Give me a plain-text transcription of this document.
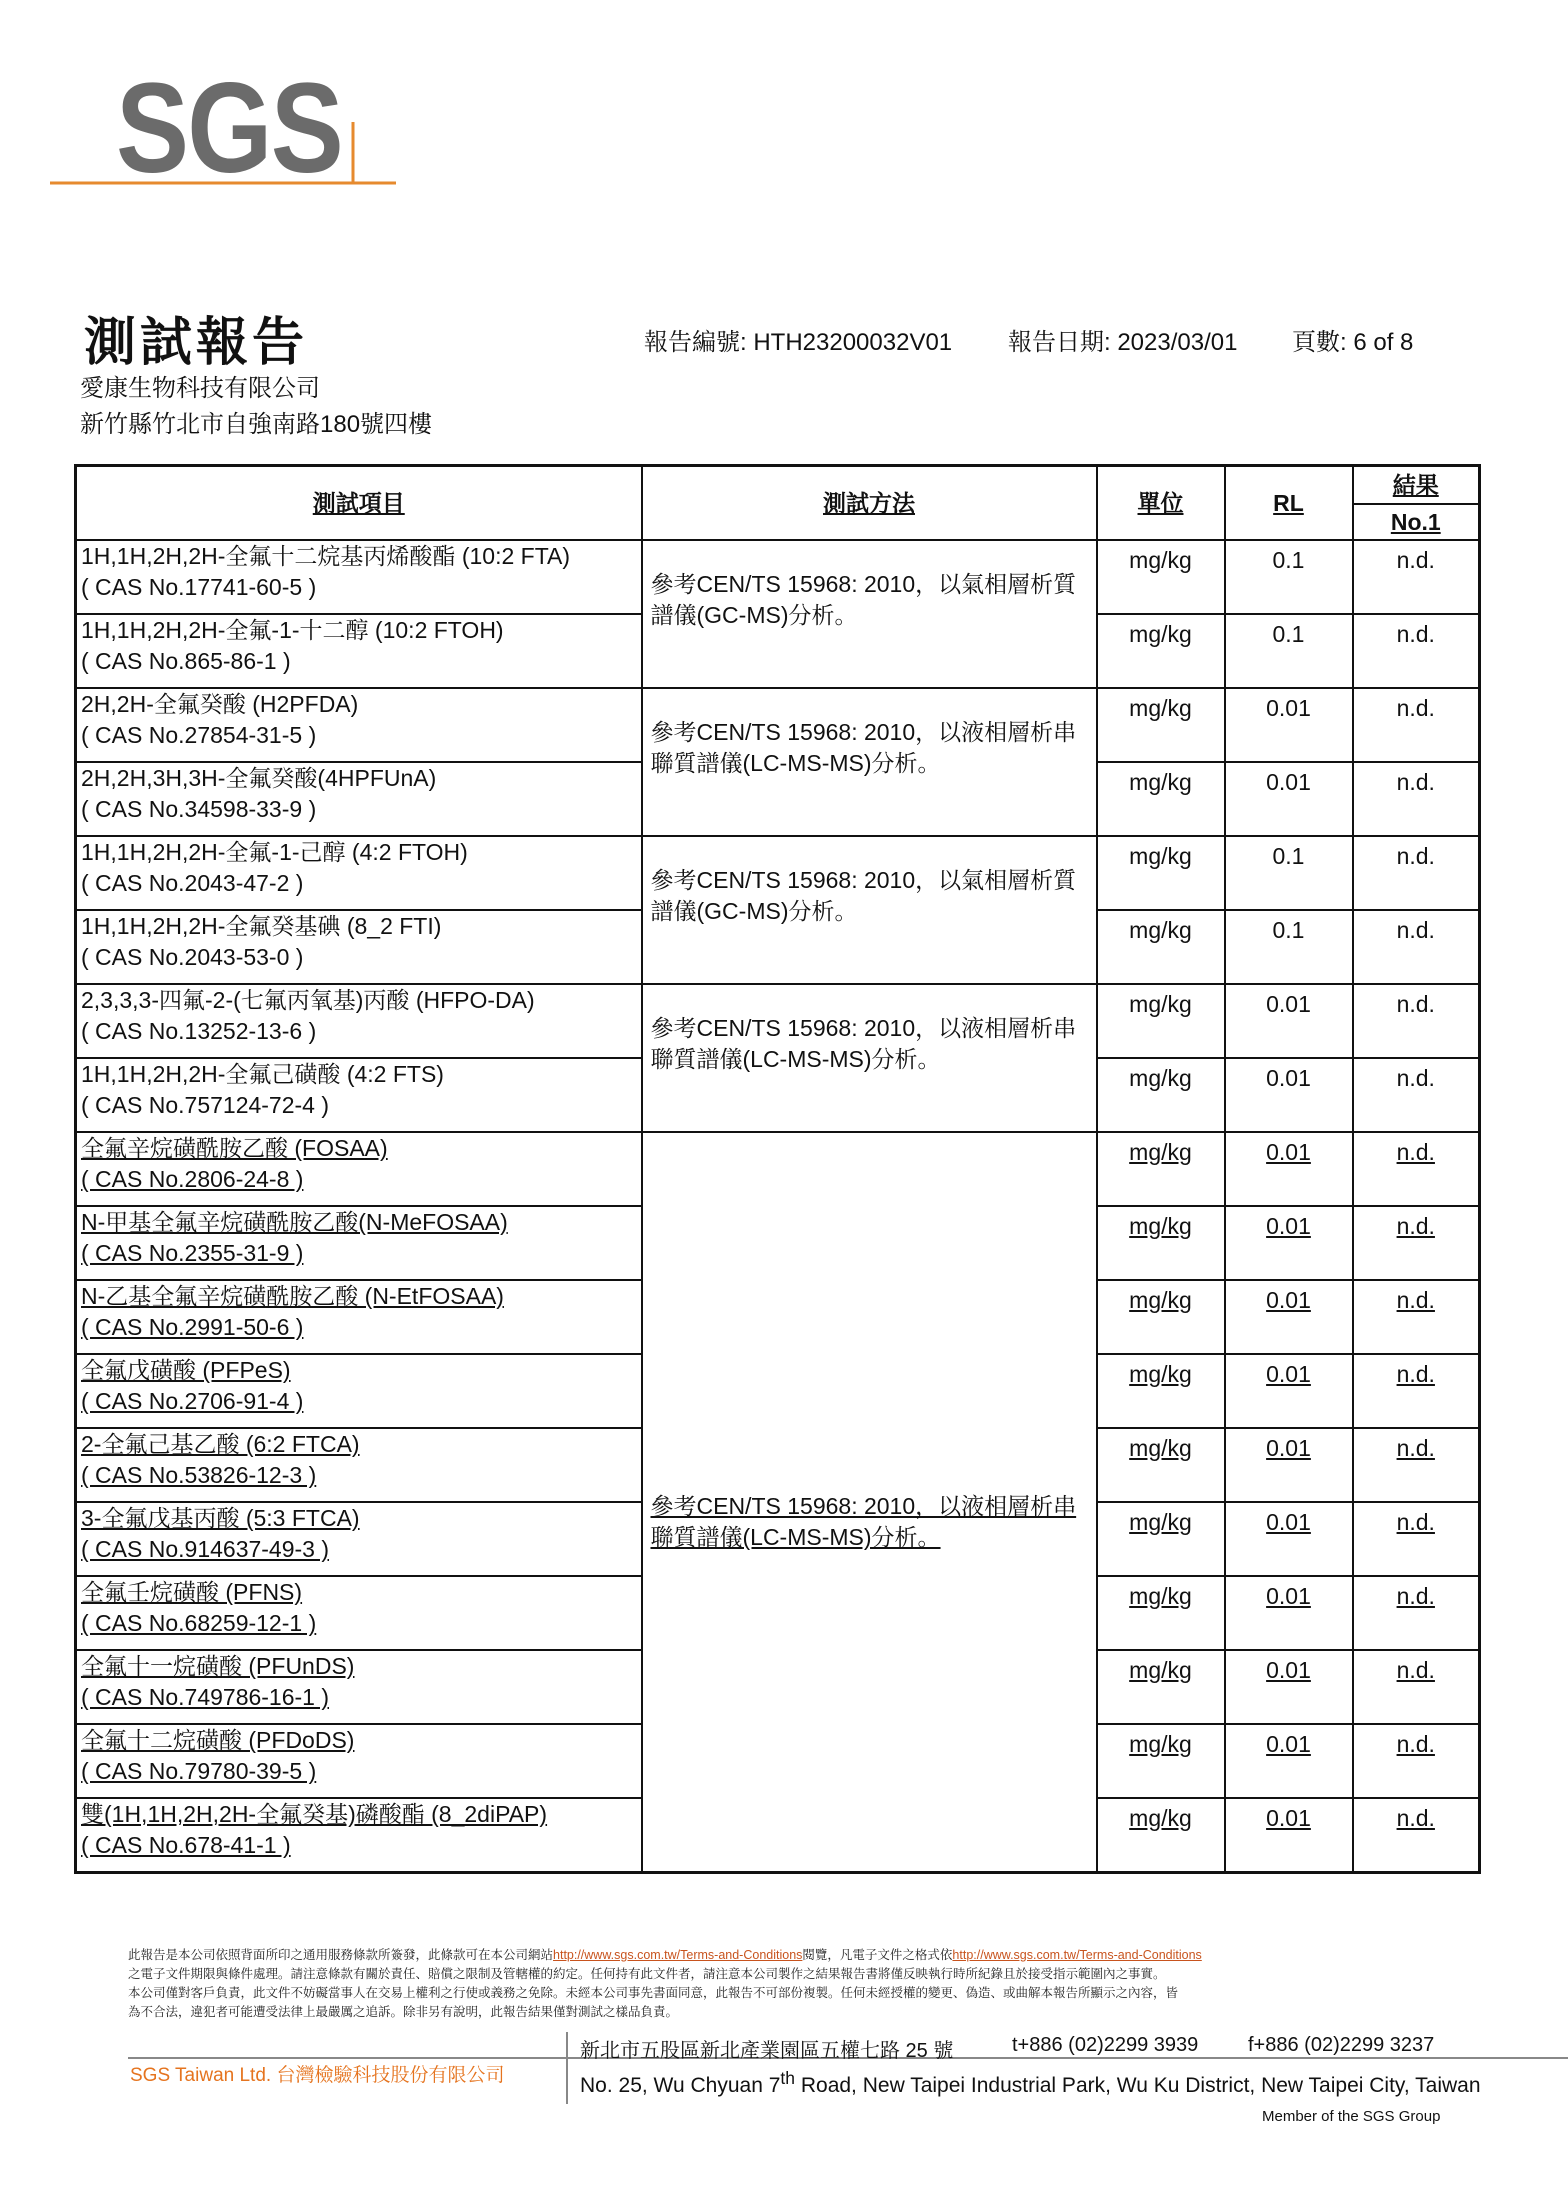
SGS
測試報告
愛康生物科技有限公司
新竹縣竹北市自強南路180號四樓
報告編號: HTH23200032V01 報告日期: 2023/03/01 頁數: 6 of 8
測試項目	測試方法	單位	RL	結果
				No.1

1H,1H,2H,2H-全氟十二烷基丙烯酸酯 (10:2 FTA)
( CAS No.17741-60-5 )	參考CEN/TS 15968: 2010，以氣相層析質譜儀(GC-MS)分析。	mg/kg	0.1	n.d.

1H,1H,2H,2H-全氟-1-十二醇 (10:2 FTOH)
( CAS No.865-86-1 )		mg/kg	0.1	n.d.

2H,2H-全氟癸酸 (H2PFDA)
( CAS No.27854-31-5 )	參考CEN/TS 15968: 2010，以液相層析串聯質譜儀(LC-MS-MS)分析。	mg/kg	0.01	n.d.

2H,2H,3H,3H-全氟癸酸(4HPFUnA)
( CAS No.34598-33-9 )		mg/kg	0.01	n.d.

1H,1H,2H,2H-全氟-1-己醇 (4:2 FTOH)
( CAS No.2043-47-2 )	參考CEN/TS 15968: 2010，以氣相層析質譜儀(GC-MS)分析。	mg/kg	0.1	n.d.

1H,1H,2H,2H-全氟癸基碘 (8_2 FTI)
( CAS No.2043-53-0 )		mg/kg	0.1	n.d.

2,3,3,3-四氟-2-(七氟丙氧基)丙酸 (HFPO-DA)
( CAS No.13252-13-6 )	參考CEN/TS 15968: 2010，以液相層析串聯質譜儀(LC-MS-MS)分析。	mg/kg	0.01	n.d.

1H,1H,2H,2H-全氟己磺酸 (4:2 FTS)
( CAS No.757124-72-4 )		mg/kg	0.01	n.d.

全氟辛烷磺酰胺乙酸 (FOSAA)
( CAS No.2806-24-8 )	參考CEN/TS 15968: 2010，以液相層析串聯質譜儀(LC-MS-MS)分析。	mg/kg	0.01	n.d.

N-甲基全氟辛烷磺酰胺乙酸(N-MeFOSAA)
( CAS No.2355-31-9 )		mg/kg	0.01	n.d.

N-乙基全氟辛烷磺酰胺乙酸 (N-EtFOSAA)
( CAS No.2991-50-6 )		mg/kg	0.01	n.d.

全氟戊磺酸 (PFPeS)
( CAS No.2706-91-4 )		mg/kg	0.01	n.d.

2-全氟己基乙酸 (6:2 FTCA)
( CAS No.53826-12-3 )		mg/kg	0.01	n.d.

3-全氟戊基丙酸 (5:3 FTCA)
( CAS No.914637-49-3 )		mg/kg	0.01	n.d.

全氟壬烷磺酸 (PFNS)
( CAS No.68259-12-1 )		mg/kg	0.01	n.d.

全氟十一烷磺酸 (PFUnDS)
( CAS No.749786-16-1 )		mg/kg	0.01	n.d.

全氟十二烷磺酸 (PFDoDS)
( CAS No.79780-39-5 )		mg/kg	0.01	n.d.

雙(1H,1H,2H,2H-全氟癸基)磷酸酯 (8_2diPAP)
( CAS No.678-41-1 )		mg/kg	0.01	n.d.
此報告是本公司依照背面所印之通用服務條款所簽發，此條款可在本公司網站http://www.sgs.com.tw/Terms-and-Conditions閱覽，凡電子文件之格式依http://www.sgs.com.tw/Terms-and-Conditions
之電子文件期限與條件處理。請注意條款有關於責任、賠償之限制及管轄權的約定。任何持有此文件者，請注意本公司製作之結果報告書將僅反映執行時所紀錄且於接受指示範圍內之事實。
本公司僅對客戶負責，此文件不妨礙當事人在交易上權利之行使或義務之免除。未經本公司事先書面同意，此報告不可部份複製。任何未經授權的變更、偽造、或曲解本報告所顯示之內容，皆
為不合法，違犯者可能遭受法律上最嚴厲之追訴。除非另有說明，此報告結果僅對測試之樣品負責。
SGS Taiwan Ltd. 台灣檢驗科技股份有限公司
新北市五股區新北產業園區五權七路 25 號	t+886 (02)2299 3939 f+886 (02)2299 3237
No. 25, Wu Chyuan 7th Road, New Taipei Industrial Park, Wu Ku District, New Taipei City, Taiwan
Member of the SGS Group
